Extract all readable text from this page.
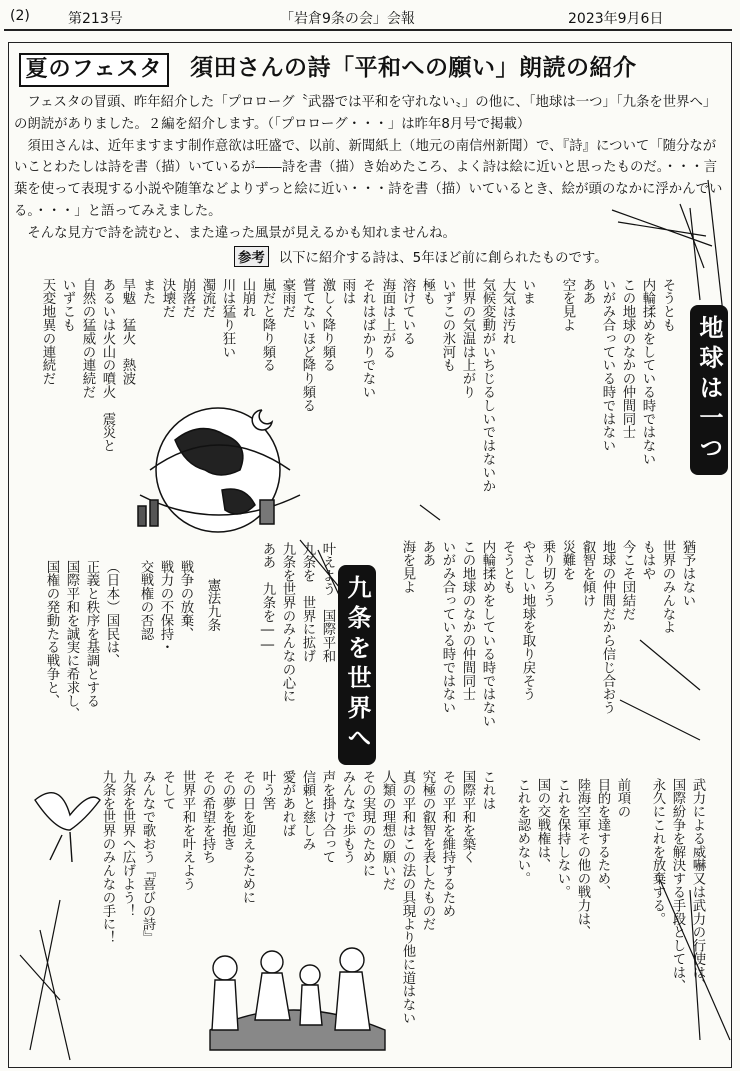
(2)	第213号	「岩倉9条の会」会報	2023年9月6日
夏のフェスタ 須田さんの詩「平和への願い」朗読の紹介

フェスタの冒頭、昨年紹介した「プロローグ〝武器では平和を守れない〟」の他に、「地球は一つ」「九条を世界へ」の朗読がありました。２編を紹介します。（「プロローグ・・・」は昨年8月号で掲載）

須田さんは、近年ますます制作意欲は旺盛で、以前、新聞紙上（地元の南信州新聞）で、『詩』について「随分ながいことわたしは詩を書（描）いているが――詩を書（描）き始めたころ、よく詩は絵に近いと思ったものだ。・・・言葉を使って表現する小説や随筆などよりずっと絵に近い・・・詩を書（描）いているとき、絵が頭のなかに浮かんでいる。・・・」と語ってみえました。

そんな見方で詩を読むと、また違った風景が見えるかも知れませんね。

参考 以下に紹介する詩は、5年ほど前に創られたものです。
地球は一つ
そうとも
内輪揉めをしている時ではない
この地球のなかの仲間同士
いがみ合っている時ではない
ああ
空を見よ
いま
大気は汚れ
気候変動がいちじるしいではないか
世界の気温は上がり
いずこの氷河も
極も
溶けている
海面は上がる
それはばかりでない
雨は
激しく降り頻る
嘗てないほど降り頻る
豪雨だ
嵐だと降り頻る
山崩れ
川は猛り狂い
濁流だ
崩落だ
決壊だ
また
旱魃　猛火　熱波
あるいは火山の噴火　震災と
自然の猛威の連続だ
いずこも
天変地異の連続だ
猶予はない
世界のみんなよ
もはや
今こそ団結だ
地球の仲間だから信じ合おう
叡智を傾け
災難を
乗り切ろう
やさしい地球を取り戻そう
そうとも
内輪揉めをしている時ではない
この地球のなかの仲間同士
いがみ合っている時ではない
ああ
海を見よ
九条を世界へ
叶えよう　国際平和
九条を　世界に拡げ
九条を世界のみんなの心に
ああ　九条を――
憲法九条
戦争の放棄、
戦力の不保持・
交戦権の否認
（日本）国民は、
正義と秩序を基調とする
国際平和を誠実に希求し、
国権の発動たる戦争と、
武力による威嚇又は武力の行使は、
国際紛争を解決する手段としては、
永久にこれを放棄する。
前項の
目的を達するため、
陸海空軍その他の戦力は、
これを保持しない。
国の交戦権は、
これを認めない。
これは
国際平和を築く
その平和を維持するため
究極の叡智を表したものだ
真の平和はこの法の具現より他に道はない
人類の理想の願いだ
その実現のために
みんなで歩もう
声を掛け合って
信頼と慈しみ
愛があれば
叶う筈
その日を迎えるために
その夢を抱き
その希望を持ち
世界平和を叶えよう
そして
みんなで歌おう『喜びの詩』
九条を世界へ広げよう！
九条を世界のみんなの手に！
